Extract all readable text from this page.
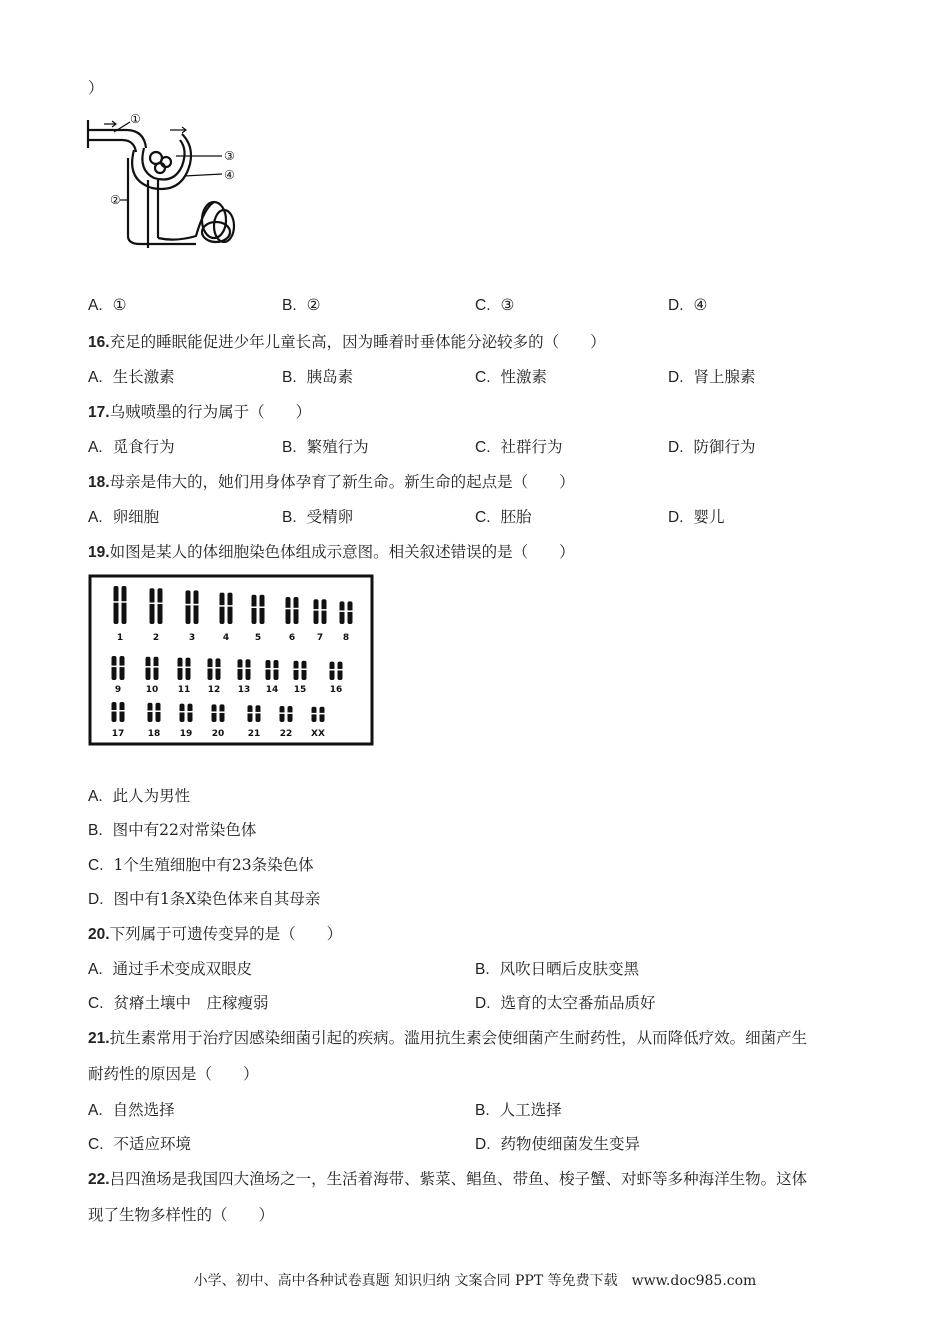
）
①
③
④
②
A. ①	B. ②	C. ③	D. ④
16.充足的睡眠能促进少年儿童长高，因为睡着时垂体能分泌较多的（　　）
A. 生长激素	B. 胰岛素	C. 性激素	D. 肾上腺素
17.乌贼喷墨的行为属于（　　）
A. 觅食行为	B. 繁殖行为	C. 社群行为	D. 防御行为
18.母亲是伟大的，她们用身体孕育了新生命。新生命的起点是（　　）
A. 卵细胞	B. 受精卵	C. 胚胎	D. 婴儿
19.如图是某人的体细胞染色体组成示意图。相关叙述错误的是（　　）
1	2	3	4	5	6 7 8
9	10 11 12 13 14 15	16
17	18 19 20	21 22 XX
A. 此人为男性
B. 图中有22对常染色体
C. 1个生殖细胞中有23条染色体
D. 图中有1条X染色体来自其母亲
20.下列属于可遗传变异的是（　　）
A. 通过手术变成双眼皮	B. 风吹日晒后皮肤变黑
C. 贫瘠土壤中　庄稼瘦弱	D. 选育的太空番茄品质好
21.抗生素常用于治疗因感染细菌引起的疾病。滥用抗生素会使细菌产生耐药性，从而降低疗效。细菌产生
耐药性的原因是（　　）
A. 自然选择	B. 人工选择
C. 不适应环境	D. 药物使细菌发生变异
22.吕四渔场是我国四大渔场之一，生活着海带、紫菜、鲳鱼、带鱼、梭子蟹、对虾等多种海洋生物。这体
现了生物多样性的（　　）
小学、初中、高中各种试卷真题 知识归纳 文案合同 PPT 等免费下载　www.doc985.com
